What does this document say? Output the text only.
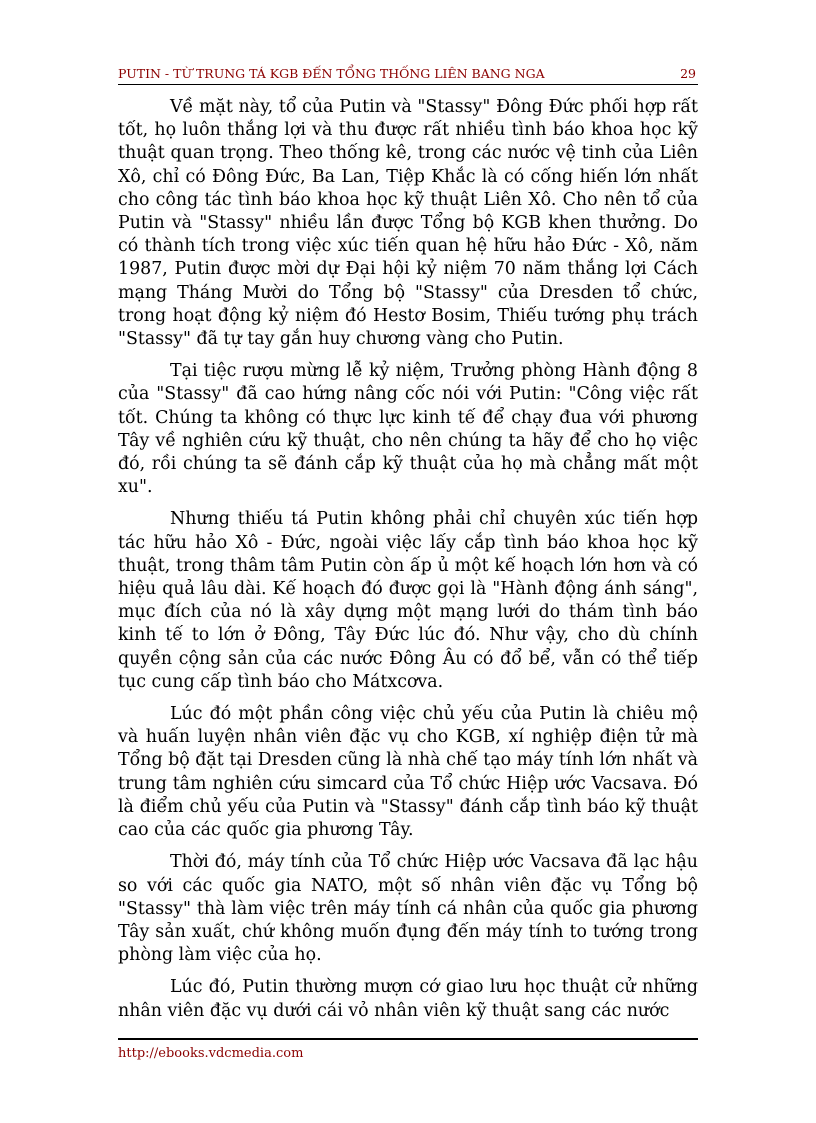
PUTIN - TỪ TRUNG TÁ KGB ĐẾN TỔNG THỐNG LIÊN BANG NGA	29

Về mặt này, tổ của Putin và "Stassy" Đông Đức phối hợp rất tốt, họ luôn thắng lợi và thu được rất nhiều tình báo khoa học kỹ thuật quan trọng. Theo thống kê, trong các nước vệ tinh của Liên Xô, chỉ có Đông Đức, Ba Lan, Tiệp Khắc là có cống hiến lớn nhất cho công tác tình báo khoa học kỹ thuật Liên Xô. Cho nên tổ của Putin và "Stassy" nhiều lần được Tổng bộ KGB khen thưởng. Do có thành tích trong việc xúc tiến quan hệ hữu hảo Đức - Xô, năm 1987, Putin được mời dự Đại hội kỷ niệm 70 năm thắng lợi Cách mạng Tháng Mười do Tổng bộ "Stassy" của Dresden tổ chức, trong hoạt động kỷ niệm đó Hestơ Bosim, Thiếu tướng phụ trách "Stassy" đã tự tay gắn huy chương vàng cho Putin.

Tại tiệc rượu mừng lễ kỷ niệm, Trưởng phòng Hành động 8 của "Stassy" đã cao hứng nâng cốc nói với Putin: "Công việc rất tốt. Chúng ta không có thực lực kinh tế để chạy đua với phương Tây về nghiên cứu kỹ thuật, cho nên chúng ta hãy để cho họ việc đó, rồi chúng ta sẽ đánh cắp kỹ thuật của họ mà chẳng mất một xu".

Nhưng thiếu tá Putin không phải chỉ chuyên xúc tiến hợp tác hữu hảo Xô - Đức, ngoài việc lấy cắp tình báo khoa học kỹ thuật, trong thâm tâm Putin còn ấp ủ một kế hoạch lớn hơn và có hiệu quả lâu dài. Kế hoạch đó được gọi là "Hành động ánh sáng", mục đích của nó là xây dựng một mạng lưới do thám tình báo kinh tế to lớn ở Đông, Tây Đức lúc đó. Như vậy, cho dù chính quyền cộng sản của các nước Đông Âu có đổ bể, vẫn có thể tiếp tục cung cấp tình báo cho Mátxcơva.

Lúc đó một phần công việc chủ yếu của Putin là chiêu mộ và huấn luyện nhân viên đặc vụ cho KGB, xí nghiệp điện tử mà Tổng bộ đặt tại Dresden cũng là nhà chế tạo máy tính lớn nhất và trung tâm nghiên cứu simcard của Tổ chức Hiệp ước Vacsava. Đó là điểm chủ yếu của Putin và "Stassy" đánh cắp tình báo kỹ thuật cao của các quốc gia phương Tây.

Thời đó, máy tính của Tổ chức Hiệp ước Vacsava đã lạc hậu so với các quốc gia NATO, một số nhân viên đặc vụ Tổng bộ "Stassy" thà làm việc trên máy tính cá nhân của quốc gia phương Tây sản xuất, chứ không muốn đụng đến máy tính to tướng trong phòng làm việc của họ.

Lúc đó, Putin thường mượn cớ giao lưu học thuật cử những nhân viên đặc vụ dưới cái vỏ nhân viên kỹ thuật sang các nước

http://ebooks.vdcmedia.com
